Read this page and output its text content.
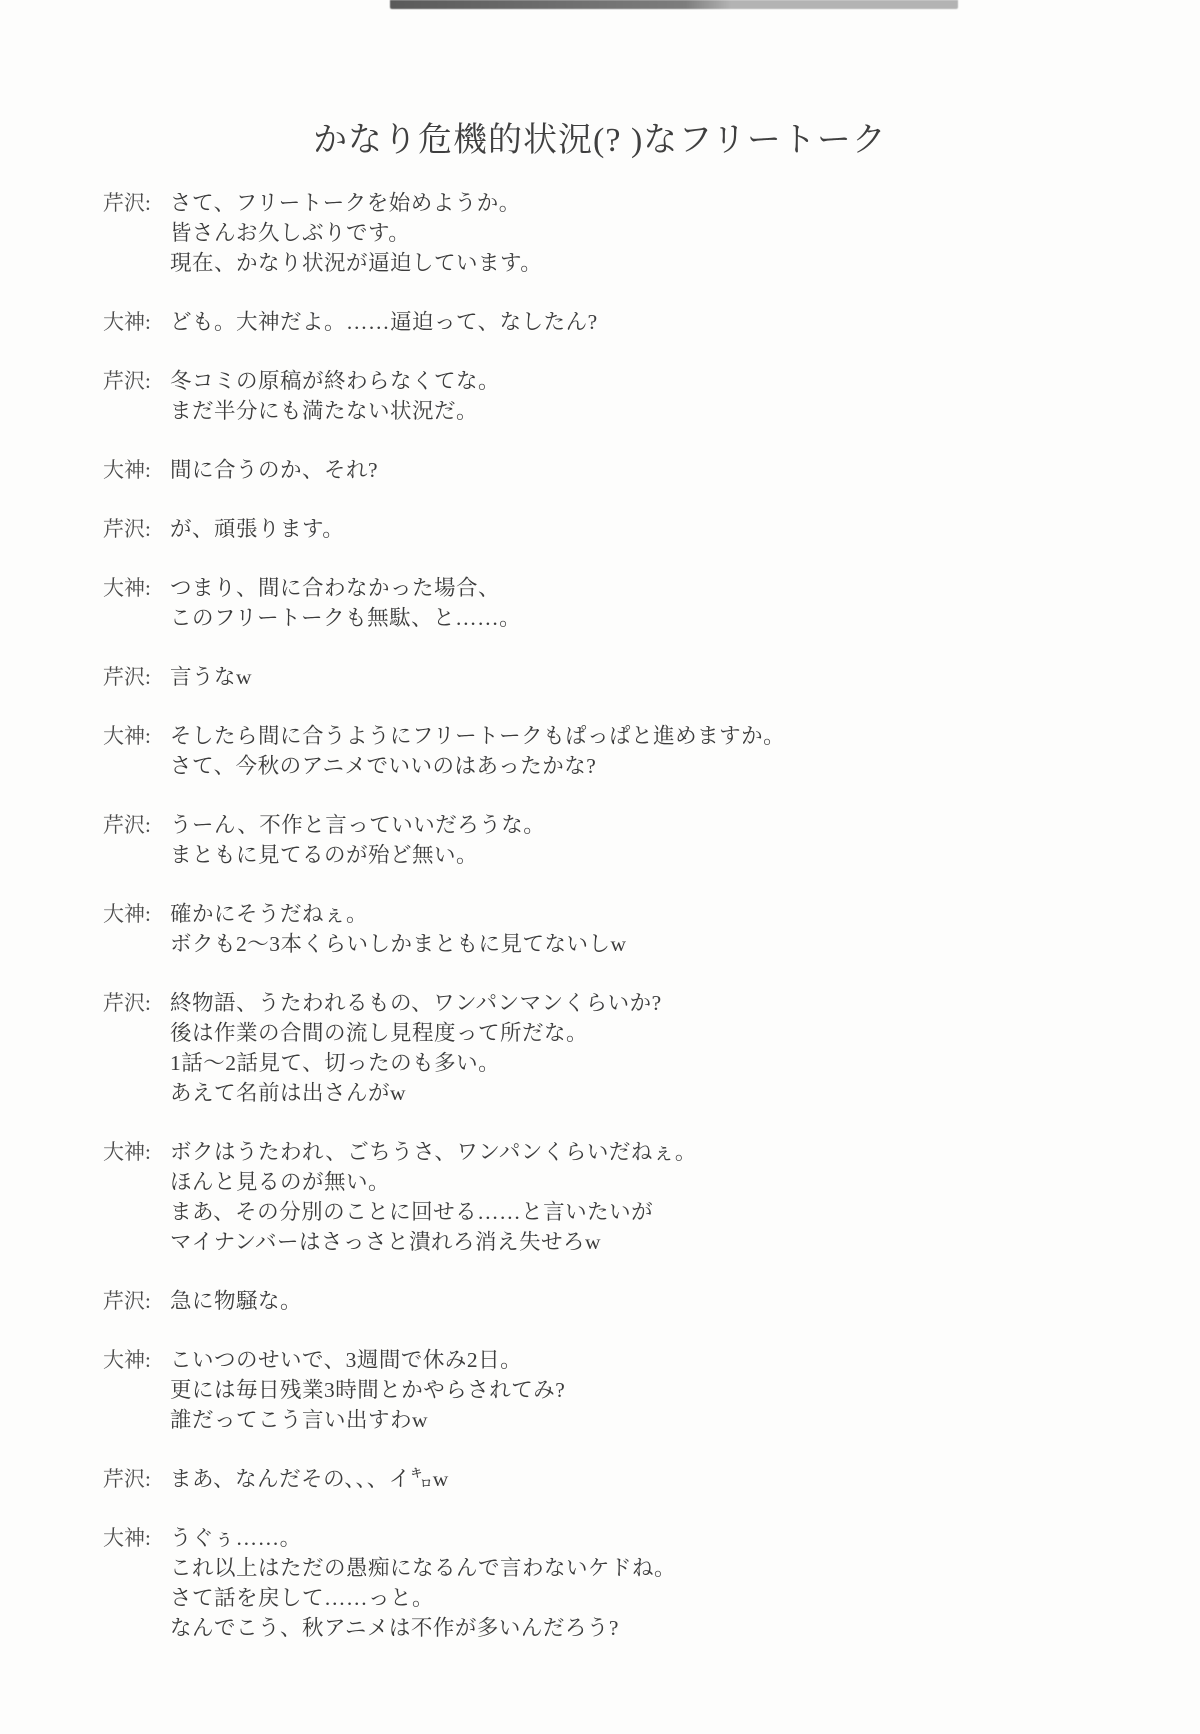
かなり危機的状況(? )なフリートーク
芹沢: さて、フリートークを始めようか。
皆さんお久しぶりです。
現在、かなり状況が逼迫しています。
大神: ども。大神だよ。……逼迫って、なしたん?
芹沢: 冬コミの原稿が終わらなくてな。
まだ半分にも満たない状況だ。
大神: 間に合うのか、それ?
芹沢: が、頑張ります。
大神: つまり、間に合わなかった場合、
このフリートークも無駄、と……。
芹沢: 言うなw
大神: そしたら間に合うようにフリートークもぱっぱと進めますか。
さて、今秋のアニメでいいのはあったかな?
芹沢: うーん、不作と言っていいだろうな。
まともに見てるのが殆ど無い。
大神: 確かにそうだねぇ。
ボクも2〜3本くらいしかまともに見てないしw
芹沢: 終物語、うたわれるもの、ワンパンマンくらいか?
後は作業の合間の流し見程度って所だな。
1話〜2話見て、切ったのも多い。
あえて名前は出さんがw
大神: ボクはうたわれ、ごちうさ、ワンパンくらいだねぇ。
ほんと見るのが無い。
まあ、その分別のことに回せる……と言いたいが
マイナンバーはさっさと潰れろ消え失せろw
芹沢: 急に物騒な。
大神: こいつのせいで、3週間で休み2日。
更には毎日残業3時間とかやらされてみ?
誰だってこう言い出すわw
芹沢: まあ、なんだその、、、イ㌔w
大神: うぐぅ……。
これ以上はただの愚痴になるんで言わないケドね。
さて話を戻して……っと。
なんでこう、秋アニメは不作が多いんだろう?
